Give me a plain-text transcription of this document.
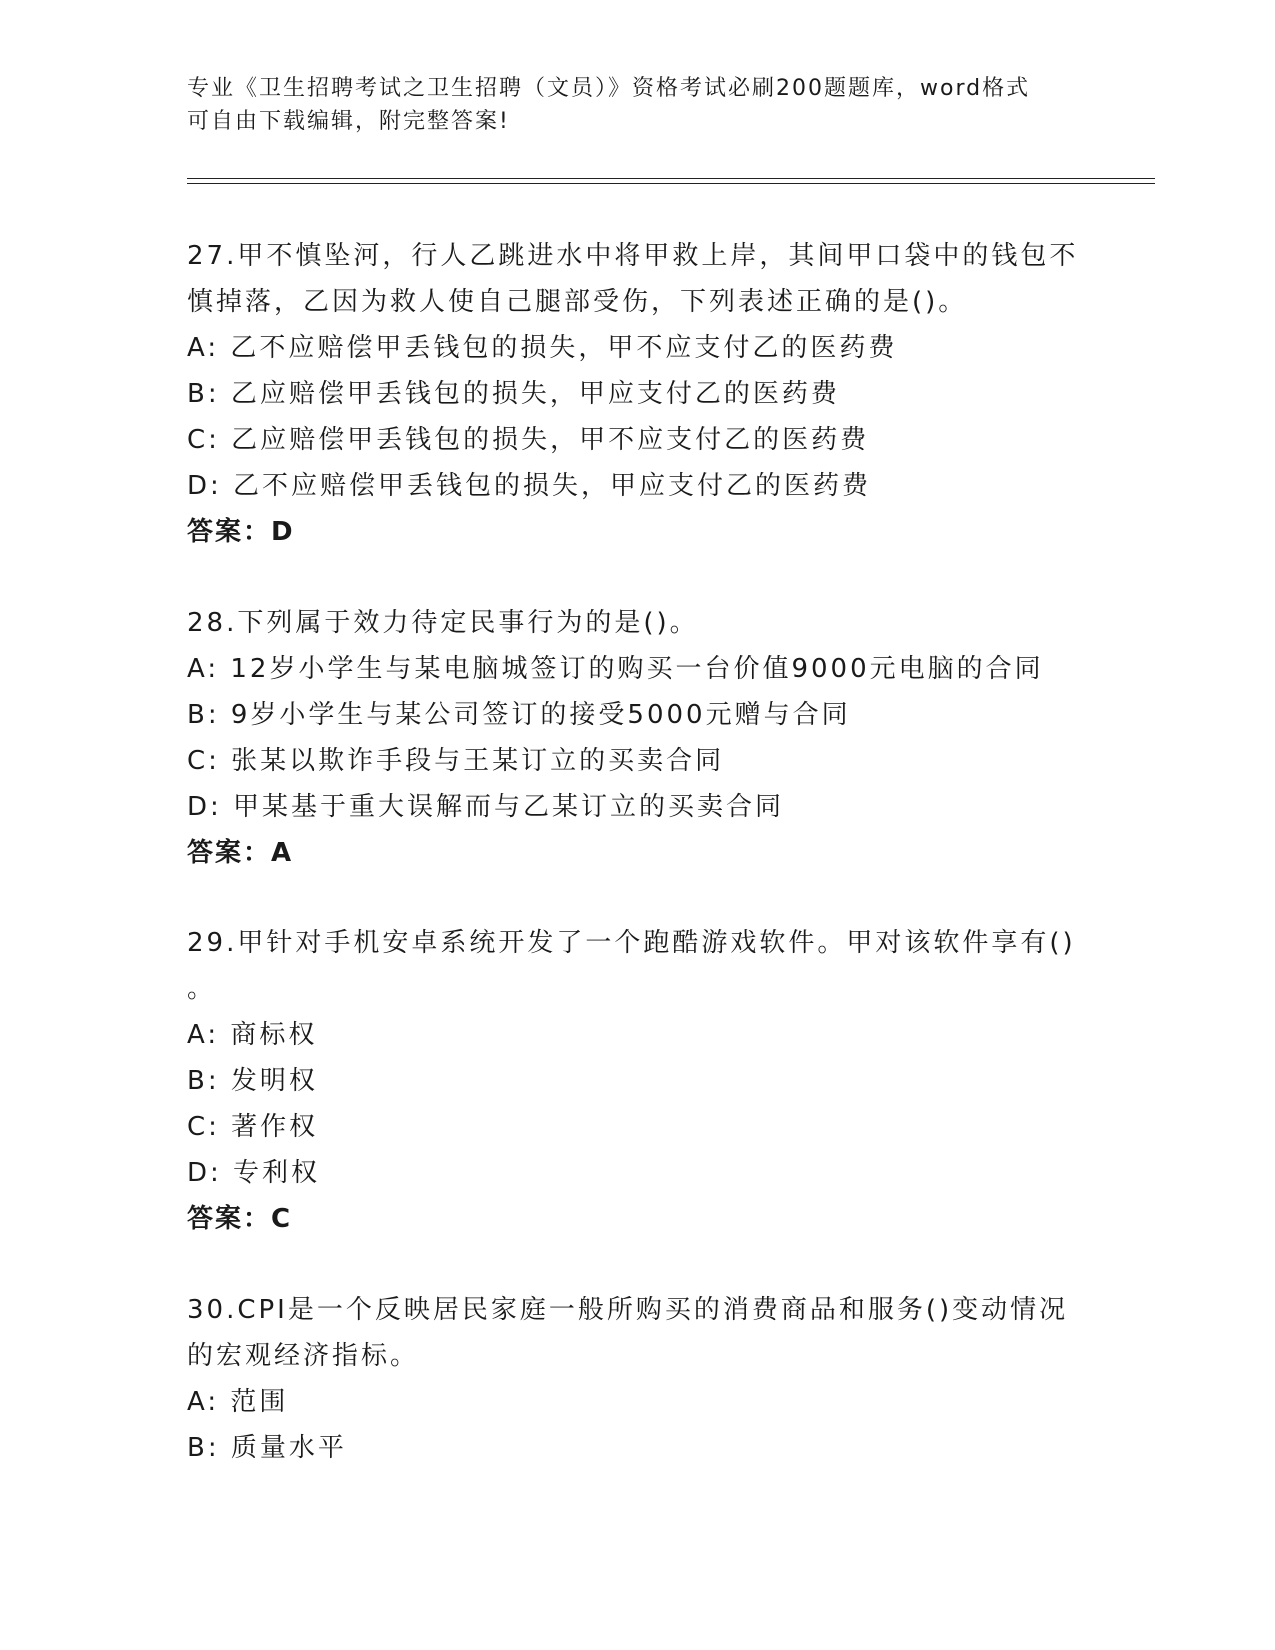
专业《卫生招聘考试之卫生招聘（文员）》资格考试必刷200题题库，word格式
可自由下载编辑，附完整答案!
27.甲不慎坠河，行人乙跳进水中将甲救上岸，其间甲口袋中的钱包不
慎掉落，乙因为救人使自己腿部受伤，下列表述正确的是()。
A: 乙不应赔偿甲丢钱包的损失，甲不应支付乙的医药费
B: 乙应赔偿甲丢钱包的损失，甲应支付乙的医药费
C: 乙应赔偿甲丢钱包的损失，甲不应支付乙的医药费
D: 乙不应赔偿甲丢钱包的损失，甲应支付乙的医药费
答案：D
28.下列属于效力待定民事行为的是()。
A: 12岁小学生与某电脑城签订的购买一台价值9000元电脑的合同
B: 9岁小学生与某公司签订的接受5000元赠与合同
C: 张某以欺诈手段与王某订立的买卖合同
D: 甲某基于重大误解而与乙某订立的买卖合同
答案：A
29.甲针对手机安卓系统开发了一个跑酷游戏软件。甲对该软件享有()
。
A: 商标权
B: 发明权
C: 著作权
D: 专利权
答案：C
30.CPI是一个反映居民家庭一般所购买的消费商品和服务()变动情况
的宏观经济指标。
A: 范围
B: 质量水平
